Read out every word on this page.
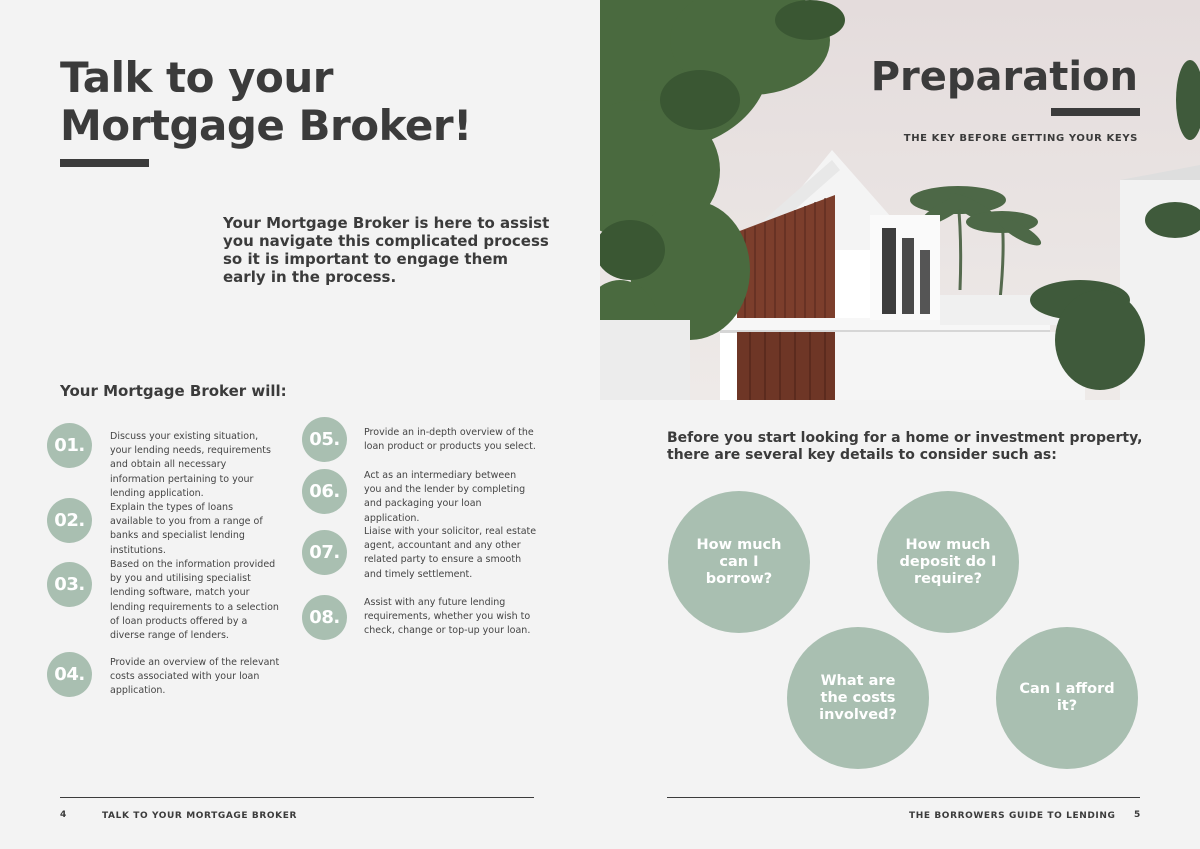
Talk to your
Mortgage Broker!

Your Mortgage Broker is here to assist you navigate this complicated process so it is important to engage them early in the process.

Your Mortgage Broker will:
01.	Discuss your existing situation, your lending needs, requirements and obtain all necessary information pertaining to your lending application.
02.
Explain the types of loans available to you from a range of banks and specialist lending institutions.
03.
Based on the information provided by you and utilising specialist lending software, match your lending requirements to a selection of loan products offered by a diverse range of lenders.
04.
Provide an overview of the relevant costs associated with your loan application.
05.	Provide an in-depth overview of the loan product or products you select.
06.
Act as an intermediary between you and the lender by completing and packaging your loan application.
07.
Liaise with your solicitor, real estate agent, accountant and any other related party to ensure a smooth and timely settlement.
08.
Assist with any future lending requirements, whether you wish to check, change or top-up your loan.
4	TALK TO YOUR MORTGAGE BROKER
Preparation
THE KEY BEFORE GETTING YOUR KEYS

Before you start looking for a home or investment property, there are several key details to consider such as:

How much can I borrow?
How much deposit do I require?
What are the costs involved?
Can I afford it?
THE BORROWERS GUIDE TO LENDING 5
